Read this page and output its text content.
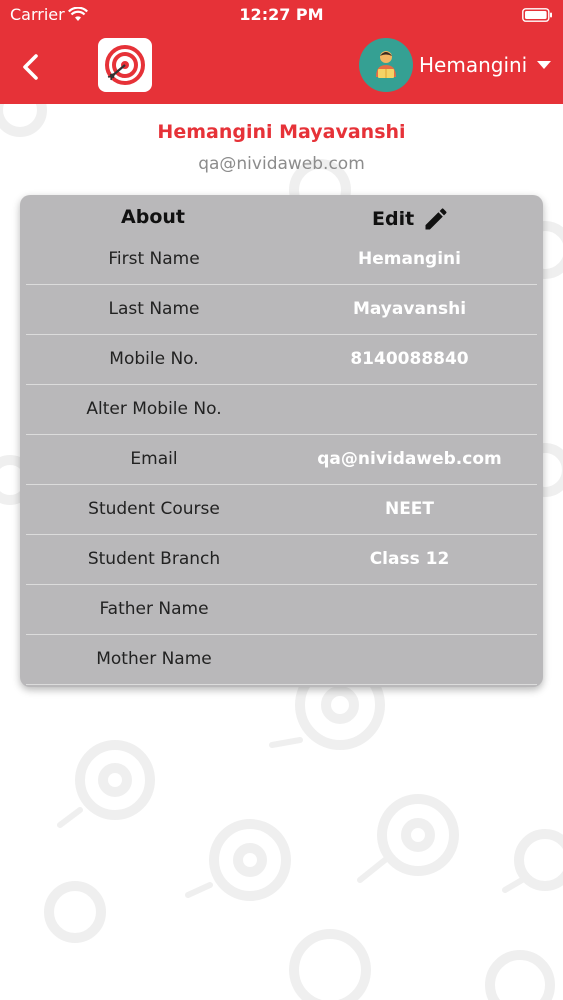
Carrier	12:27 PM
Hemangini
Hemangini Mayavanshi
qa@nividaweb.com
About	Edit
First Name	Hemangini
Last Name	Mayavanshi
Mobile No.	8140088840
Alter Mobile No.
Email	qa@nividaweb.com
Student Course	NEET
Student Branch	Class 12
Father Name
Mother Name
